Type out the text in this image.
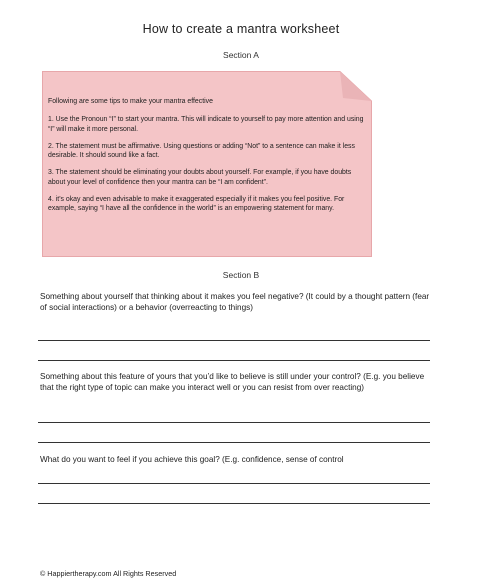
How to create a mantra worksheet
Section A

Following are some tips to make your mantra effective

1. Use the Pronoun “I” to start your mantra. This will indicate to yourself to pay more attention and using “I” will make it more personal.

2. The statement must be affirmative. Using questions or adding “Not” to a sentence can make it less desirable. It should sound like a fact.

3. The statement should be eliminating your doubts about yourself. For example, if you have doubts about your level of confidence then your mantra can be “I am confident”.

4. it’s okay and even advisable to make it exaggerated especially if it makes you feel positive. For example, saying “I have all the confidence in the world” is an empowering statement for many.

Section B
Something about yourself that thinking about it makes you feel negative? (It could by a thought pattern (fear of social interactions) or a behavior (overreacting to things)
Something about this feature of yours that you’d like to believe is still under your control? (E.g. you believe that the right type of topic can make you interact well or you can resist from over reacting)
What do you want to feel if you achieve this goal? (E.g. confidence, sense of control
© Happiertherapy.com All Rights Reserved
